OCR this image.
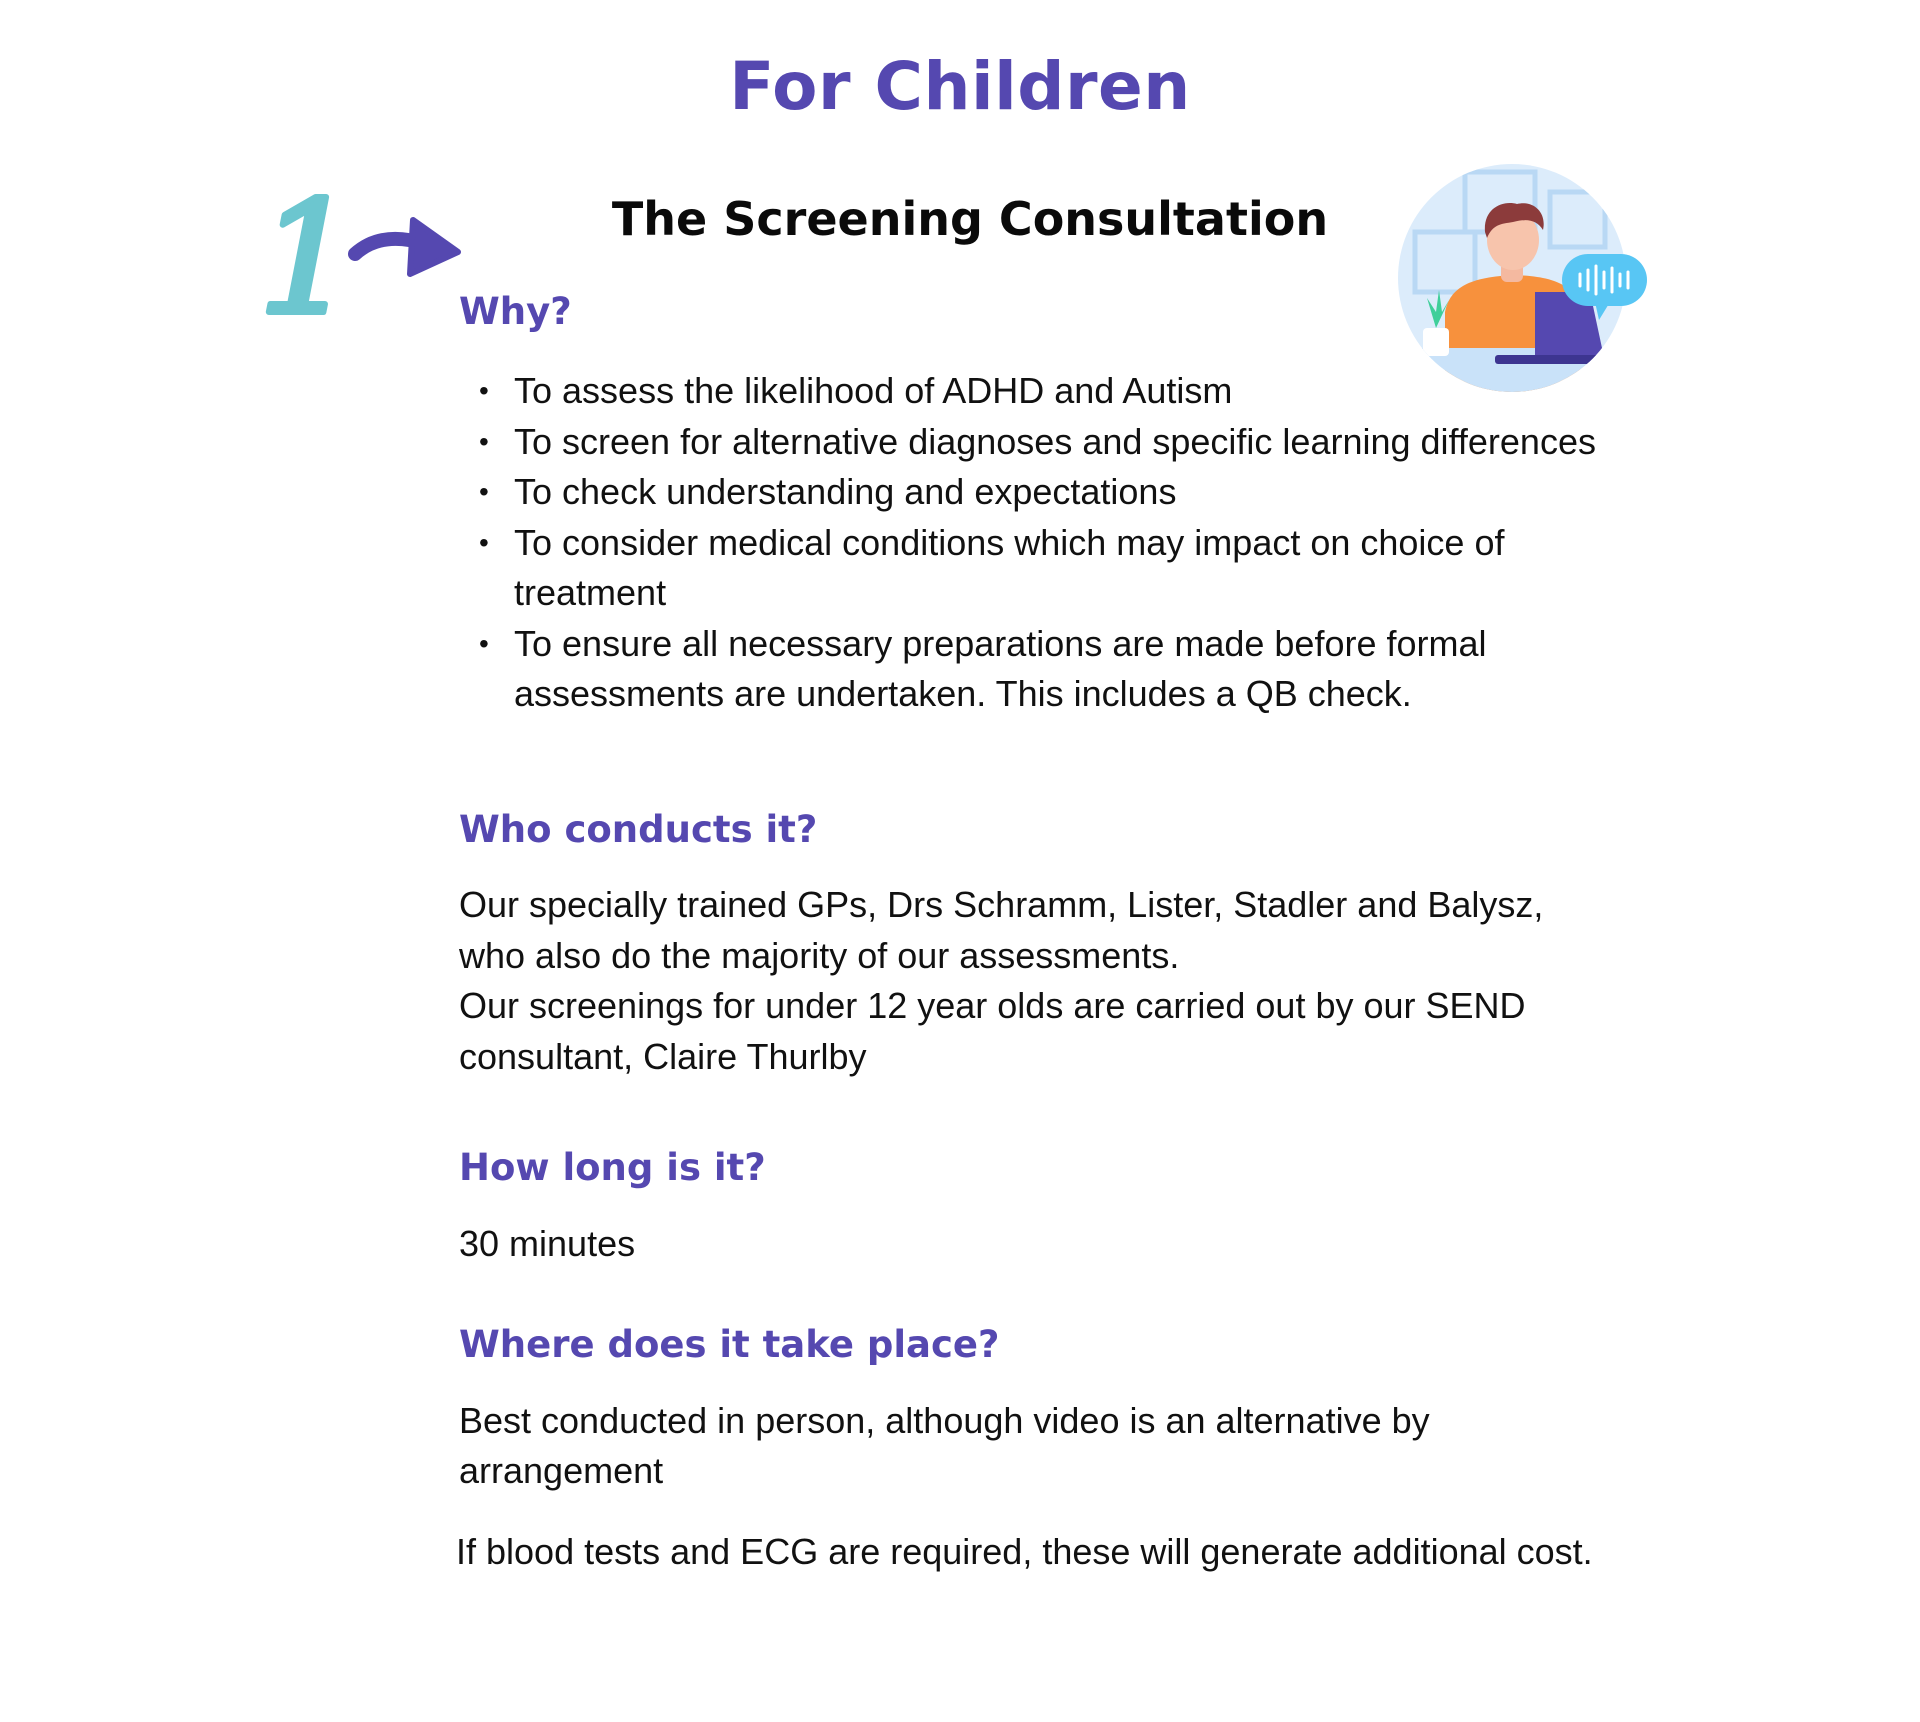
For Children
1	The Screening Consultation
Why?
• To assess the likelihood of ADHD and Autism
• To screen for alternative diagnoses and specific learning differences
• To check understanding and expectations
• To consider medical conditions which may impact on choice of treatment
• To ensure all necessary preparations are made before formal assessments are undertaken. This includes a QB check.
Who conducts it?

Our specially trained GPs, Drs Schramm, Lister, Stadler and Balysz, who also do the majority of our assessments.

Our screenings for under 12 year olds are carried out by our SEND consultant, Claire Thurlby

How long is it?

30 minutes

Where does it take place?

Best conducted in person, although video is an alternative by arrangement

If blood tests and ECG are required, these will generate additional cost.
